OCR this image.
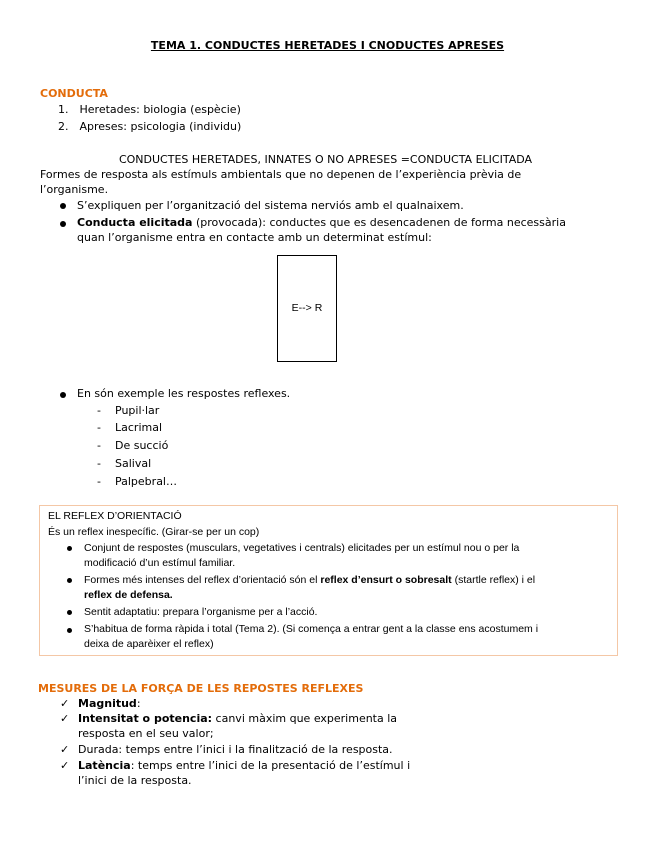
TEMA 1. CONDUCTES HERETADES I CNODUCTES APRESES
CONDUCTA
1. Heretades: biologia (espècie)
2. Apreses: psicologia (individu)
CONDUCTES HERETADES, INNATES O NO APRESES =CONDUCTA ELICITADA
Formes de resposta als estímuls ambientals que no depenen de l’experiència prèvia de
l’organisme.
S’expliquen per l’organització del sistema nerviós amb el qualnaixem.
Conducta elicitada (provocada): conductes que es desencadenen de forma necessària
quan l’organisme entra en contacte amb un determinat estímul:
E--> R
En són exemple les respostes reflexes.
- Pupil·lar
- Lacrimal
- De succió
- Salival
- Palpebral…
EL REFLEX D’ORIENTACIÓ
És un reflex inespecífic. (Girar-se per un cop)
Conjunt de respostes (musculars, vegetatives i centrals) elicitades per un estímul nou o per la
modificació d’un estímul familiar.
Formes més intenses del reflex d’orientació són el reflex d’ensurt o sobresalt (startle reflex) i el
reflex de defensa.
Sentit adaptatiu: prepara l’organisme per a l’acció.
S’habitua de forma ràpida i total (Tema 2). (Si comença a entrar gent a la classe ens acostumem i
deixa de aparèixer el reflex)
MESURES DE LA FORÇA DE LES REPOSTES REFLEXES
✓ Magnitud:
✓ Intensitat o potencia: canvi màxim que experimenta la
resposta en el seu valor;
✓ Durada: temps entre l’inici i la finalització de la resposta.
✓ Latència: temps entre l’inici de la presentació de l’estímul i
l’inici de la resposta.
